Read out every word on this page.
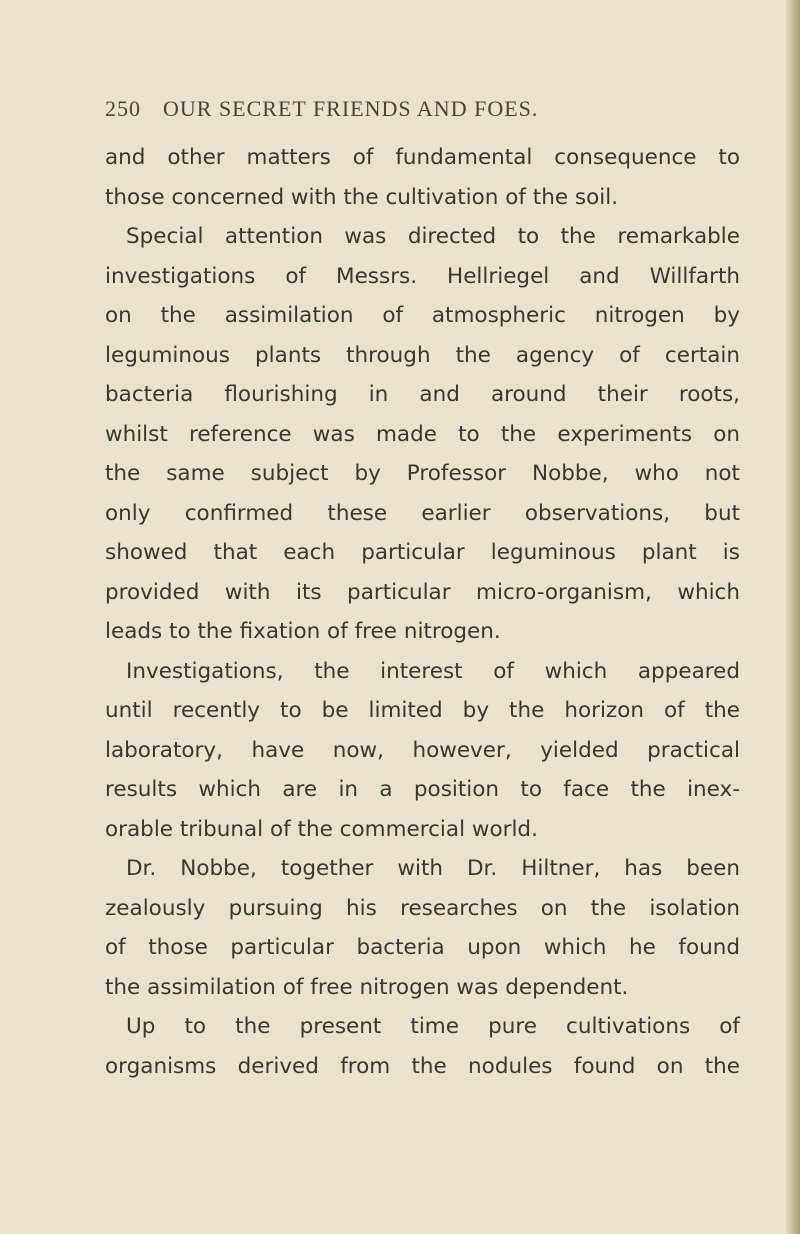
250 OUR SECRET FRIENDS AND FOES.
and other matters of fundamental consequence to
those concerned with the cultivation of the soil.
Special attention was directed to the remarkable
investigations of Messrs. Hellriegel and Willfarth
on the assimilation of atmospheric nitrogen by
leguminous plants through the agency of certain
bacteria flourishing in and around their roots,
whilst reference was made to the experiments on
the same subject by Professor Nobbe, who not
only confirmed these earlier observations, but
showed that each particular leguminous plant is
provided with its particular micro-organism, which
leads to the fixation of free nitrogen.
Investigations, the interest of which appeared
until recently to be limited by the horizon of the
laboratory, have now, however, yielded practical
results which are in a position to face the inex-
orable tribunal of the commercial world.
Dr. Nobbe, together with Dr. Hiltner, has been
zealously pursuing his researches on the isolation
of those particular bacteria upon which he found
the assimilation of free nitrogen was dependent.
Up to the present time pure cultivations of
organisms derived from the nodules found on the
